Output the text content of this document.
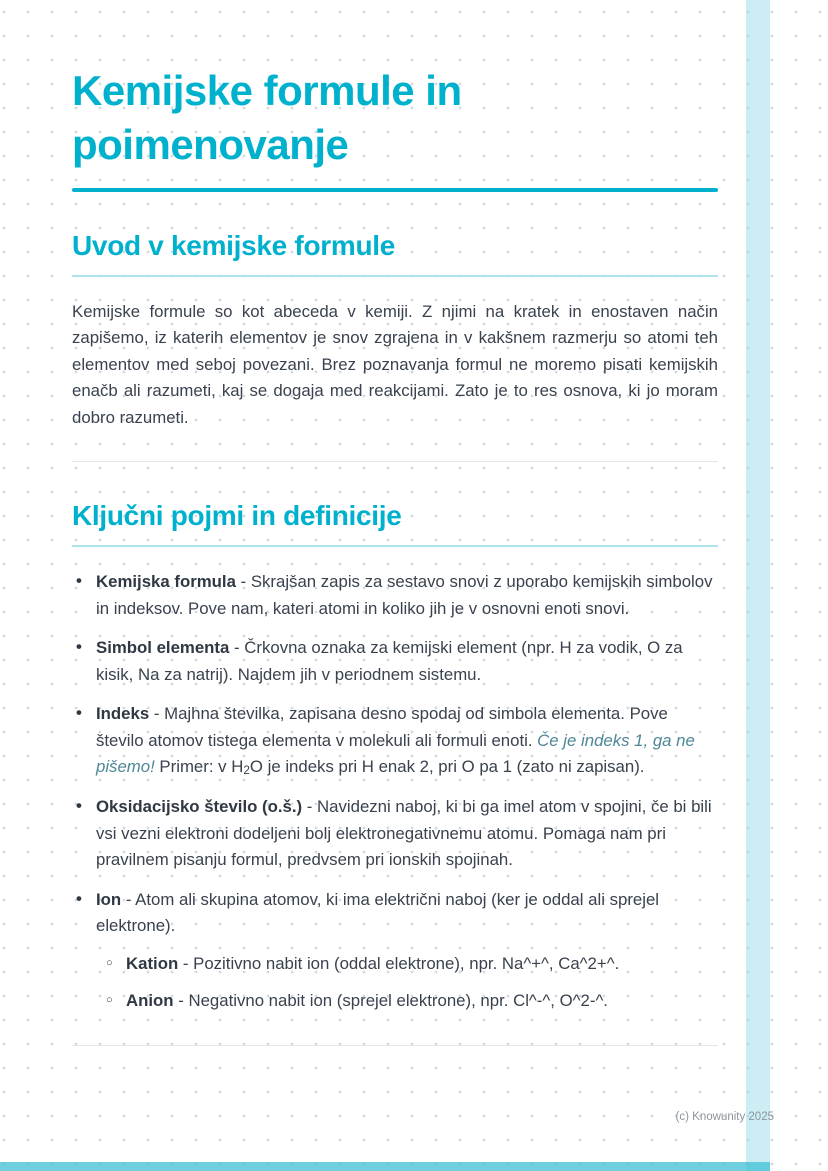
Kemijske formule in poimenovanje
Uvod v kemijske formule

Kemijske formule so kot abeceda v kemiji. Z njimi na kratek in enostaven način zapišemo, iz katerih elementov je snov zgrajena in v kakšnem razmerju so atomi teh elementov med seboj povezani. Brez poznavanja formul ne moremo pisati kemijskih enačb ali razumeti, kaj se dogaja med reakcijami. Zato je to res osnova, ki jo moram dobro razumeti.

Ključni pojmi in definicije
• Kemijska formula - Skrajšan zapis za sestavo snovi z uporabo kemijskih simbolov in indeksov. Pove nam, kateri atomi in koliko jih je v osnovni enoti snovi.
• Simbol elementa - Črkovna oznaka za kemijski element (npr. H za vodik, O za kisik, Na za natrij). Najdem jih v periodnem sistemu.
• Indeks - Majhna številka, zapisana desno spodaj od simbola elementa. Pove število atomov tistega elementa v molekuli ali formuli enoti. Če je indeks 1, ga ne pišemo! Primer: v H2O je indeks pri H enak 2, pri O pa 1 (zato ni zapisan).
• Oksidacijsko število (o.š.) - Navidezni naboj, ki bi ga imel atom v spojini, če bi bili vsi vezni elektroni dodeljeni bolj elektronegativnemu atomu. Pomaga nam pri pravilnem pisanju formul, predvsem pri ionskih spojinah.
• Ion - Atom ali skupina atomov, ki ima električni naboj (ker je oddal ali sprejel elektrone).
○ Kation - Pozitivno nabit ion (oddal elektrone), npr. Na^+^, Ca^2+^.
○ Anion - Negativno nabit ion (sprejel elektrone), npr. Cl^-^, O^2-^.
(c) Knowunity 2025
